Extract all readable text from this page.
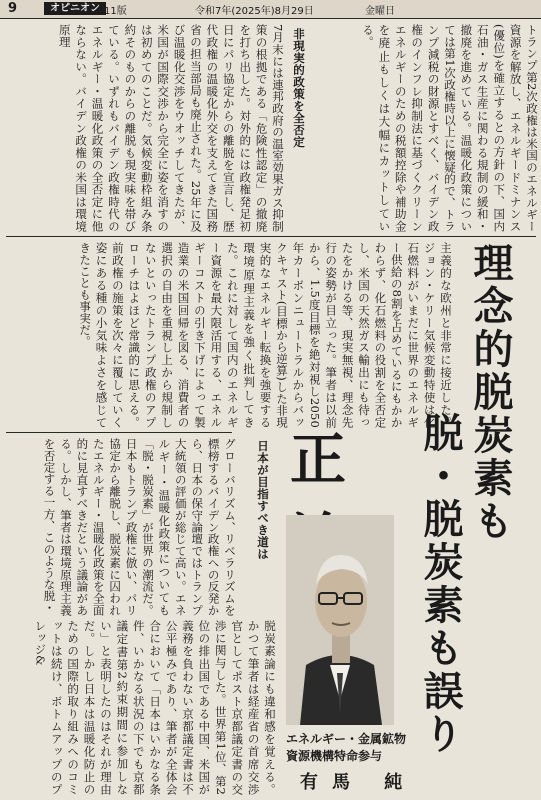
9	オピニオン 11版	令和7年(2025年)8月29日	金曜日
トランプ第2次政権は米国のエネルギー資源を解放し、エネルギードミナンス(優位)を確立するとの方針の下、国内石油・ガス生産に関わる規制の緩和・撤廃を進めている。温暖化政策については第1次政権時以上に懐疑的で、トランプ減税の財源とすべく、バイデン政権のインフレ抑制法に基づくクリーンエネルギーのための税額控除や補助金を廃止もしくは大幅にカットしている。
非現実的政策を全否定
7月末には連邦政府の温室効果ガス抑制策の根拠である「危険性認定」の撤廃を打ち出した。対外的には政権発足初日にパリ協定からの離脱を宣言し、歴代政権の温暖化外交を支えてきた国務省の担当部局も廃止された。25年に及び温暖化交渉をウオッチしてきたが、米国が国際交渉から完全に姿を消すのは初めてのことだ。気候変動枠組み条約そのものからの離脱も現実味を帯びている。いずれもバイデン政権時代のエネルギー・温暖化政策の全否定に他ならない。バイデン政権の米国は環境原理
主義的な欧州と非常に接近した。ジョン・ケリー気候変動特使は化石燃料がいまだに世界のエネルギー供給の8割を占めているにもかかわらず、化石燃料の役割を全否定し、米国の天然ガス輸出にも待ったをかける等、現実無視、理念先行の姿勢が目立った。筆者は以前から、1.5度目標を絶対視し2050年カーボンニュートラルからバックキャスト(目標から逆算)した非現実的なエネルギー転換を強要する環境原理主義を強く批判してきた。これに対して国内のエネルギー資源を最大限活用する、エネルギーコストの引き下げによって製造業の米国回帰を図る、消費者の選択の自由を重視し上から規制しないといったトランプ政権のアプローチはよほど常識的に思える。前政権の施策を次々に覆していく姿にある種の小気味よさを感じてきたことも事実だ。	理念的脱炭素も
脱・脱炭素も誤り
正
日本が目指すべき道は
グローバリズム、リベラリズムを標榜するバイデン政権への反発から、日本の保守論壇ではトランプ大統領の評価が総じて高い。エネルギー・温暖化政策についても「脱・脱炭素」が世界の潮流だ。日本もトランプ政権に倣い、パリ協定から離脱し、脱炭素に囚われたエネルギー・温暖化政策を全面的に見直すべきだという議論がある。しかし、筆者は環境原理主義を否定する一方、このような脱・
脱炭素論にも違和感を覚える。かつて筆者は経産省の首席交渉官としてポスト京都議定書の交渉に関与した。世界第1位、第2位の排出国である中国、米国が義務を負わない京都議定書は不公平極みであり、筆者が全体会合において「日本はいかなる条件、いかなる状況の下でも京都議定書第2約束期間に参加しない」と表明したのはそれが理由だ。しかし日本は温暖化防止のための国際的取り組みへのコミットは続け、ボトムアップのプレッジ&
エネルギー・金属鉱物
資源機構特命参与
有馬 純
